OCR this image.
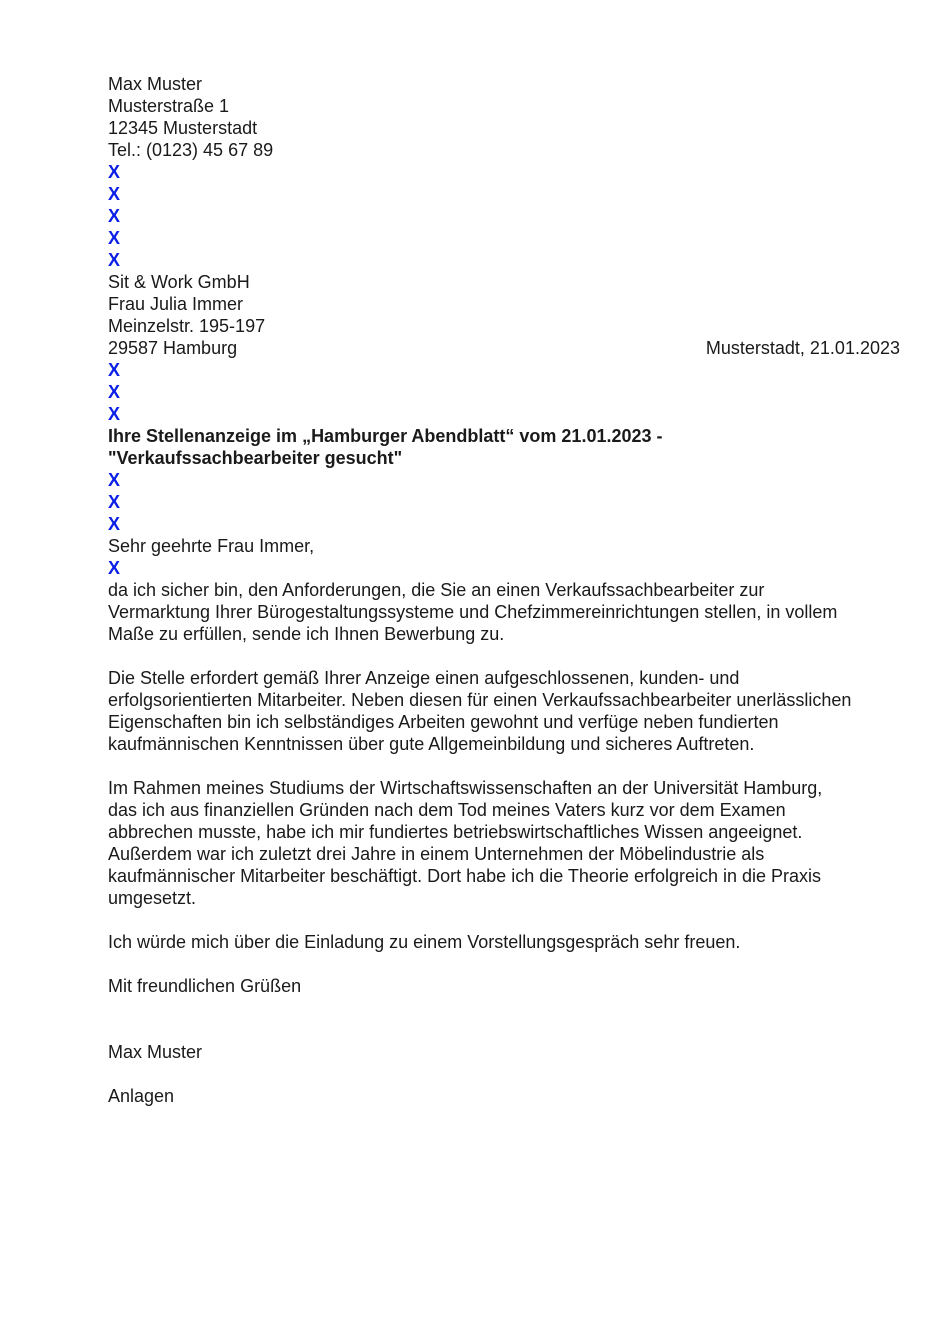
Max Muster
Musterstraße 1
12345 Musterstadt
Tel.: (0123) 45 67 89
X
X
X
X
X
Sit & Work GmbH
Frau Julia Immer
Meinzelstr. 195-197
29587 Hamburg	Musterstadt, 21.01.2023
X
X
X
Ihre Stellenanzeige im „Hamburger Abendblatt“ vom 21.01.2023 -
"Verkaufssachbearbeiter gesucht"
X
X
X
Sehr geehrte Frau Immer,
X
da ich sicher bin, den Anforderungen, die Sie an einen Verkaufssachbearbeiter zur
Vermarktung Ihrer Bürogestaltungssysteme und Chefzimmereinrichtungen stellen, in vollem
Maße zu erfüllen, sende ich Ihnen Bewerbung zu.
Die Stelle erfordert gemäß Ihrer Anzeige einen aufgeschlossenen, kunden- und
erfolgsorientierten Mitarbeiter. Neben diesen für einen Verkaufssachbearbeiter unerlässlichen
Eigenschaften bin ich selbständiges Arbeiten gewohnt und verfüge neben fundierten
kaufmännischen Kenntnissen über gute Allgemeinbildung und sicheres Auftreten.
Im Rahmen meines Studiums der Wirtschaftswissenschaften an der Universität Hamburg,
das ich aus finanziellen Gründen nach dem Tod meines Vaters kurz vor dem Examen
abbrechen musste, habe ich mir fundiertes betriebswirtschaftliches Wissen angeeignet.
Außerdem war ich zuletzt drei Jahre in einem Unternehmen der Möbelindustrie als
kaufmännischer Mitarbeiter beschäftigt. Dort habe ich die Theorie erfolgreich in die Praxis
umgesetzt.
Ich würde mich über die Einladung zu einem Vorstellungsgespräch sehr freuen.
Mit freundlichen Grüßen
Max Muster
Anlagen
